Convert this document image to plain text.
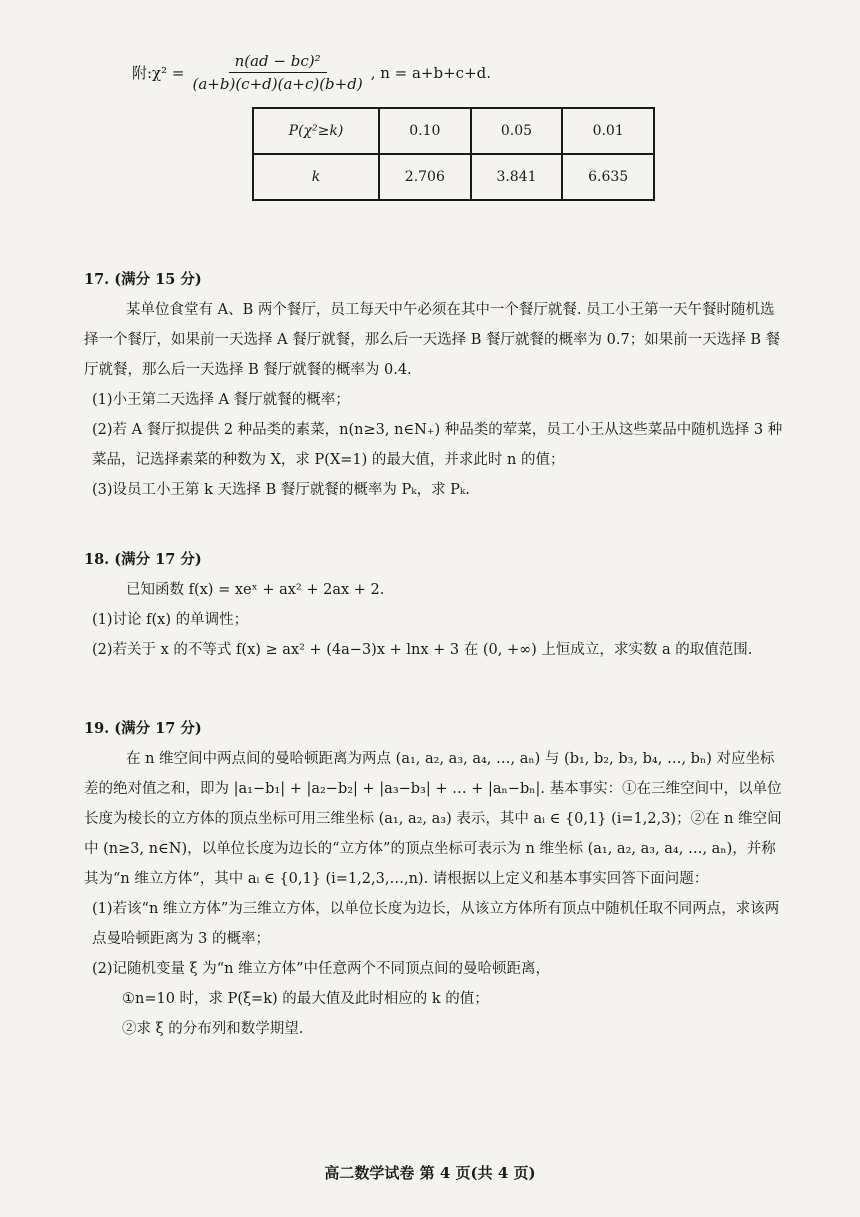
附:χ² = $\frac{\text{n(ad − bc)²}}{(a+b)(c+d)(a+c)(b+d)}$ , n = a+b+c+d.
P(χ²≥k)	0.10	0.05	0.01
k	2.706	3.841	6.635

17. (满分 15 分)

某单位食堂有 A、B 两个餐厅，员工每天中午必须在其中一个餐厅就餐. 员工小王第一天午餐时随机选择一个餐厅，如果前一天选择 A 餐厅就餐，那么后一天选择 B 餐厅就餐的概率为 0.7；如果前一天选择 B 餐厅就餐，那么后一天选择 B 餐厅就餐的概率为 0.4.

(1)小王第二天选择 A 餐厅就餐的概率；

(2)若 A 餐厅拟提供 2 种品类的素菜，n(n≥3, n∈N₊) 种品类的荤菜，员工小王从这些菜品中随机选择 3 种菜品，记选择素菜的种数为 X，求 P(X=1) 的最大值，并求此时 n 的值；

(3)设员工小王第 k 天选择 B 餐厅就餐的概率为 Pₖ，求 Pₖ.

18. (满分 17 分)

已知函数 f(x) = xeˣ + ax² + 2ax + 2.

(1)讨论 f(x) 的单调性；

(2)若关于 x 的不等式 f(x) ≥ ax² + (4a−3)x + lnx + 3 在 (0, +∞) 上恒成立，求实数 a 的取值范围.

19. (满分 17 分)

在 n 维空间中两点间的曼哈顿距离为两点 (a₁, a₂, a₃, a₄, …, aₙ) 与 (b₁, b₂, b₃, b₄, …, bₙ) 对应坐标差的绝对值之和，即为 |a₁−b₁| + |a₂−b₂| + |a₃−b₃| + … + |aₙ−bₙ|. 基本事实：①在三维空间中，以单位长度为棱长的立方体的顶点坐标可用三维坐标 (a₁, a₂, a₃) 表示，其中 aᵢ ∈ {0,1} (i=1,2,3)；②在 n 维空间中 (n≥3, n∈N)，以单位长度为边长的“立方体”的顶点坐标可表示为 n 维坐标 (a₁, a₂, a₃, a₄, …, aₙ)，并称其为“n 维立方体”，其中 aᵢ ∈ {0,1} (i=1,2,3,…,n). 请根据以上定义和基本事实回答下面问题：

(1)若该“n 维立方体”为三维立方体，以单位长度为边长，从该立方体所有顶点中随机任取不同两点，求该两点曼哈顿距离为 3 的概率；

(2)记随机变量 ξ 为“n 维立方体”中任意两个不同顶点间的曼哈顿距离，

①n=10 时，求 P(ξ=k) 的最大值及此时相应的 k 的值；

②求 ξ 的分布列和数学期望.

高二数学试卷 第 4 页(共 4 页)
